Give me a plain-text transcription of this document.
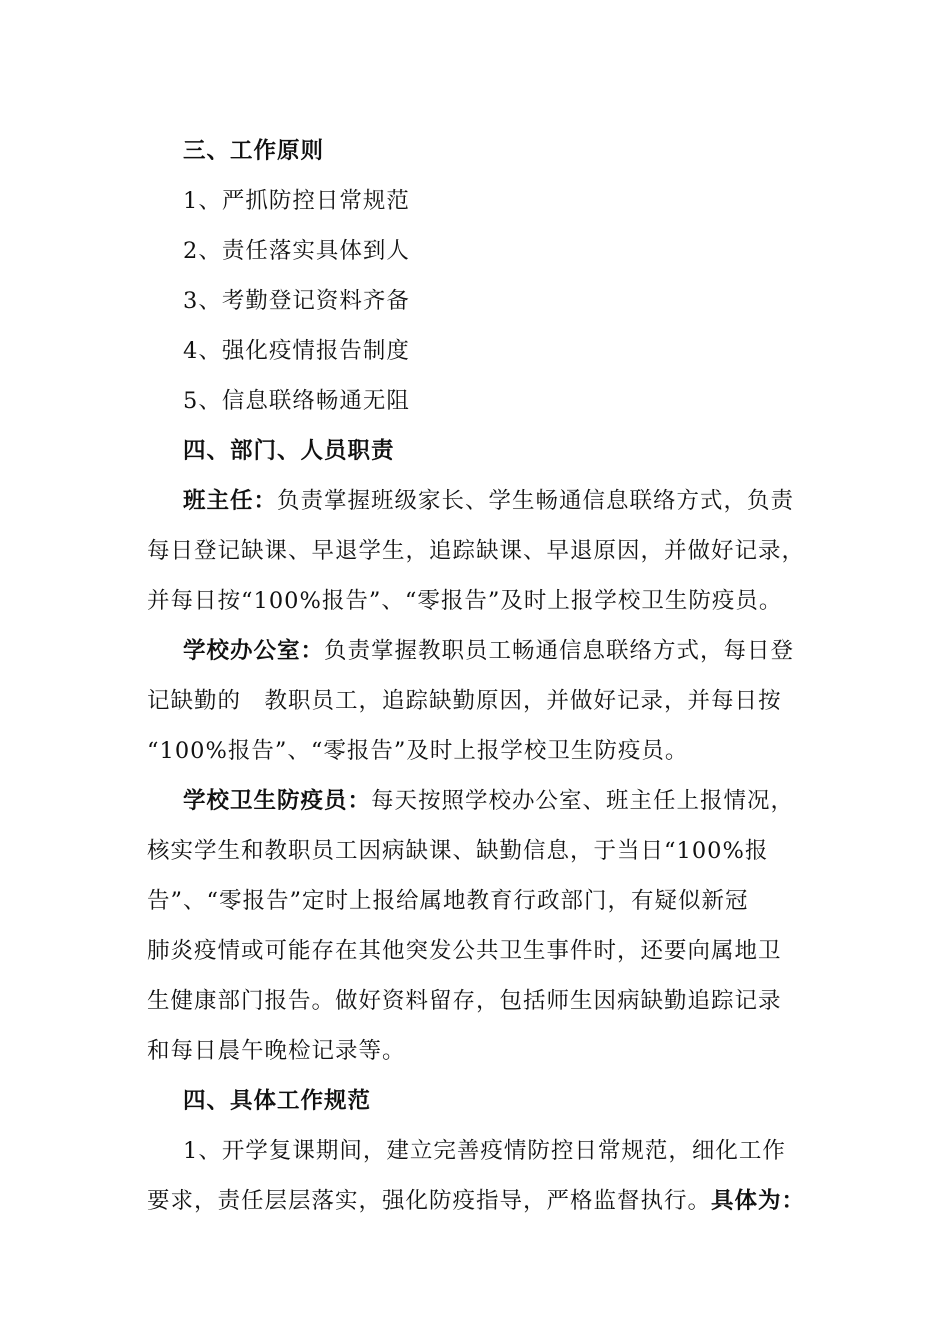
三、工作原则
1、严抓防控日常规范
2、责任落实具体到人
3、考勤登记资料齐备
4、强化疫情报告制度
5、信息联络畅通无阻
四、部门、人员职责
班主任：负责掌握班级家长、学生畅通信息联络方式，负责
每日登记缺课、早退学生，追踪缺课、早退原因，并做好记录，
并每日按“100%报告”、“零报告”及时上报学校卫生防疫员。
学校办公室：负责掌握教职员工畅通信息联络方式，每日登
记缺勤的　教职员工，追踪缺勤原因，并做好记录，并每日按
“100%报告”、“零报告”及时上报学校卫生防疫员。
学校卫生防疫员：每天按照学校办公室、班主任上报情况，
核实学生和教职员工因病缺课、缺勤信息，于当日“100%报
告”、“零报告”定时上报给属地教育行政部门，有疑似新冠
肺炎疫情或可能存在其他突发公共卫生事件时，还要向属地卫
生健康部门报告。做好资料留存，包括师生因病缺勤追踪记录
和每日晨午晚检记录等。
四、具体工作规范
1、开学复课期间，建立完善疫情防控日常规范，细化工作
要求，责任层层落实，强化防疫指导，严格监督执行。具体为：
